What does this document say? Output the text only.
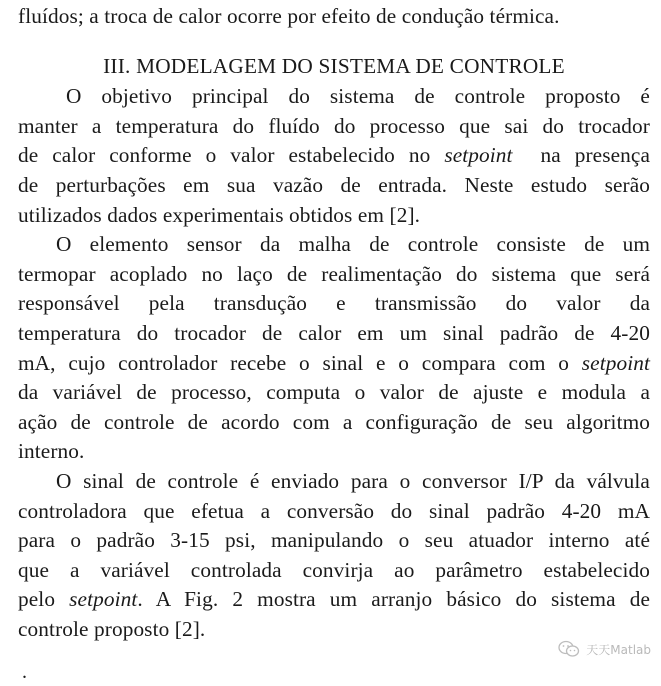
fluídos; a troca de calor ocorre por efeito de condução térmica.
III. MODELAGEM DO SISTEMA DE CONTROLE
O objetivo principal do sistema de controle proposto é
manter a temperatura do fluído do processo que sai do trocador
de calor conforme o valor estabelecido no setpoint  na presença
de perturbações em sua vazão de entrada. Neste estudo serão
utilizados dados experimentais obtidos em [2].
O elemento sensor da malha de controle consiste de um
termopar acoplado no laço de realimentação do sistema que será
responsável pela transdução e transmissão do valor da
temperatura do trocador de calor em um sinal padrão de 4-20
mA, cujo controlador recebe o sinal e o compara com o setpoint
da variável de processo, computa o valor de ajuste e modula a
ação de controle de acordo com a configuração de seu algoritmo
interno.
O sinal de controle é enviado para o conversor I/P da válvula
controladora que efetua a conversão do sinal padrão 4-20 mA
para o padrão 3-15 psi, manipulando o seu atuador interno até
que a variável controlada convirja ao parâmetro estabelecido
pelo setpoint. A Fig. 2 mostra um arranjo básico do sistema de
controle proposto [2].
.
天天Matlab
